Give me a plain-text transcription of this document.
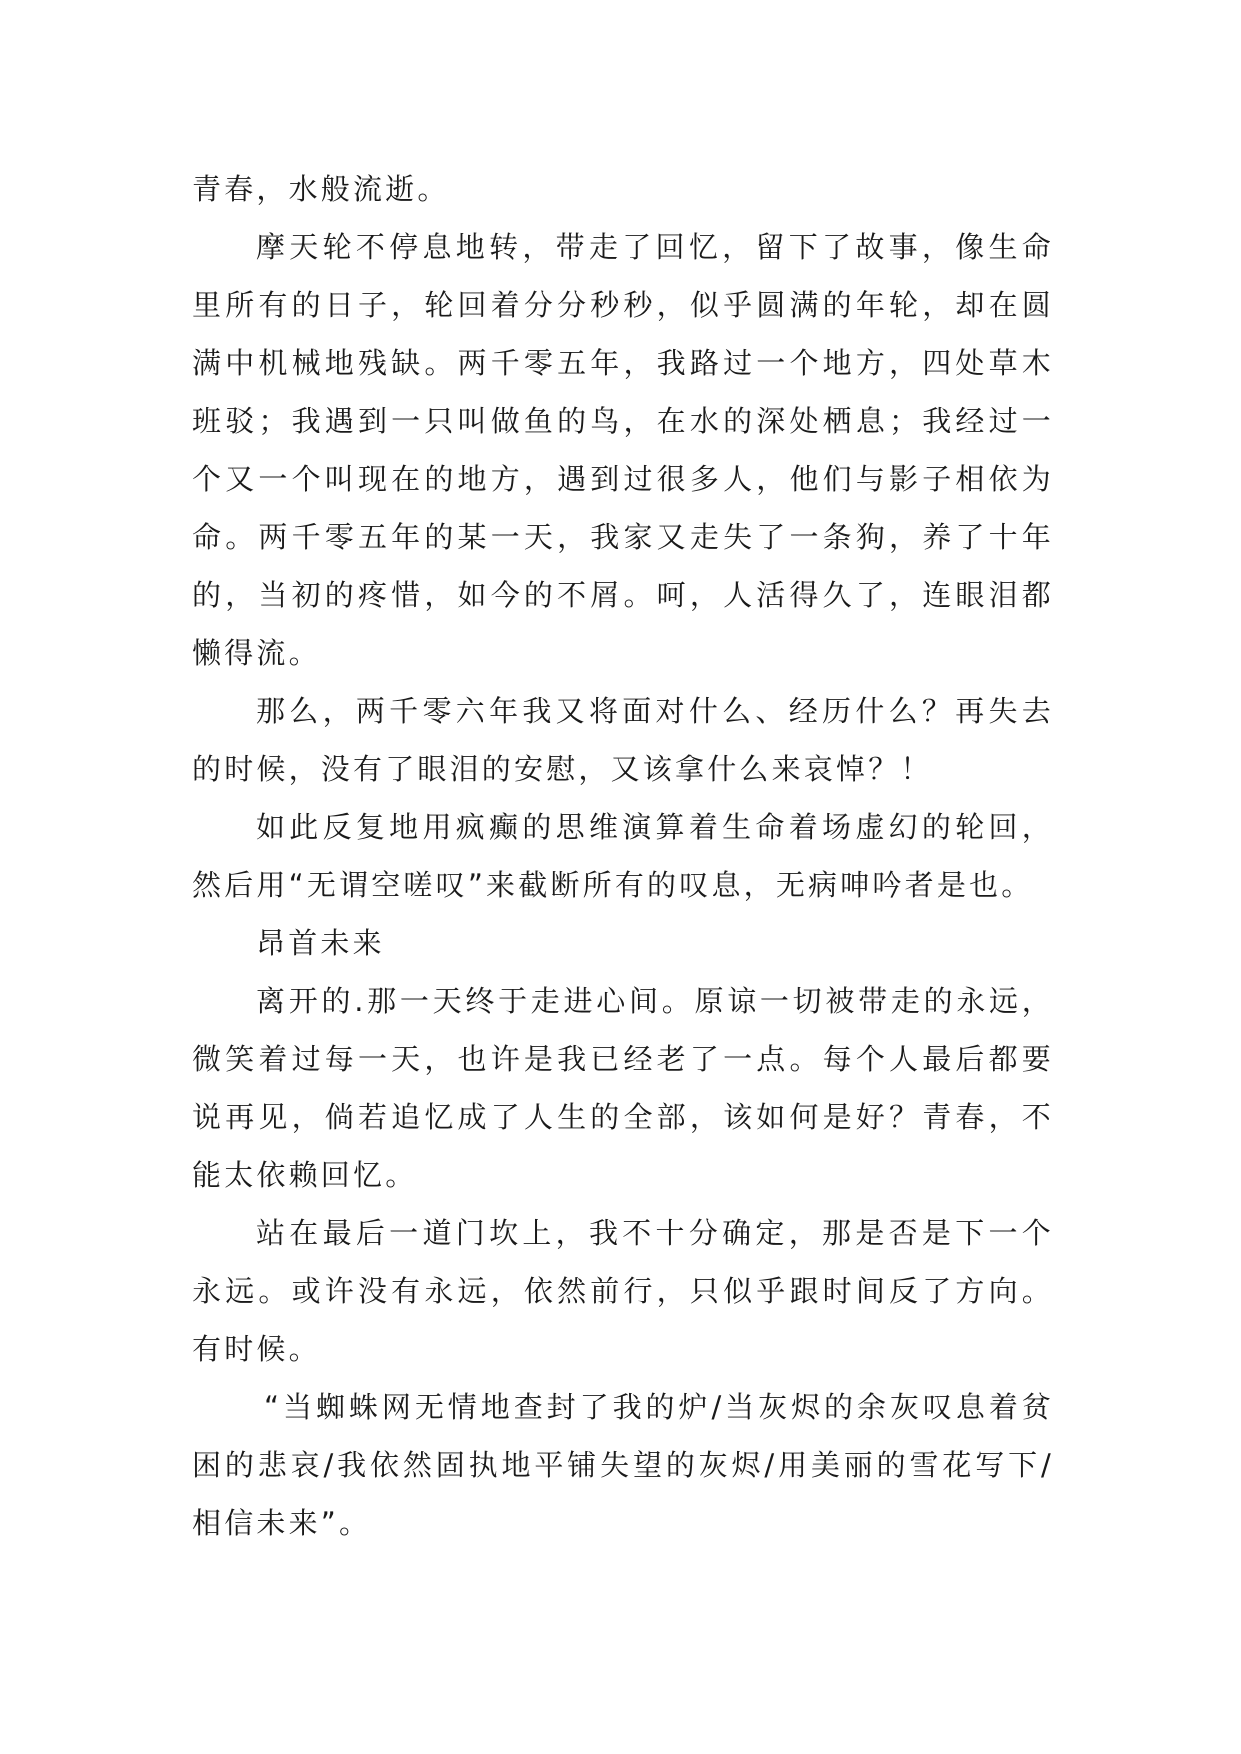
青春，水般流逝。

摩天轮不停息地转，带走了回忆，留下了故事，像生命里所有的日子，轮回着分分秒秒，似乎圆满的年轮，却在圆满中机械地残缺。两千零五年，我路过一个地方，四处草木班驳；我遇到一只叫做鱼的鸟，在水的深处栖息；我经过一个又一个叫现在的地方，遇到过很多人，他们与影子相依为命。两千零五年的某一天，我家又走失了一条狗，养了十年的，当初的疼惜，如今的不屑。呵，人活得久了，连眼泪都懒得流。

那么，两千零六年我又将面对什么、经历什么？再失去的时候，没有了眼泪的安慰，又该拿什么来哀悼？！

如此反复地用疯癫的思维演算着生命着场虚幻的轮回，然后用“无谓空嗟叹”来截断所有的叹息，无病呻吟者是也。

昂首未来

离开的.那一天终于走进心间。原谅一切被带走的永远，微笑着过每一天，也许是我已经老了一点。每个人最后都要说再见，倘若追忆成了人生的全部，该如何是好？青春，不能太依赖回忆。

站在最后一道门坎上，我不十分确定，那是否是下一个永远。或许没有永远，依然前行，只似乎跟时间反了方向。有时候。

“当蜘蛛网无情地查封了我的炉/当灰烬的余灰叹息着贫困的悲哀/我依然固执地平铺失望的灰烬/用美丽的雪花写下/相信未来”。
